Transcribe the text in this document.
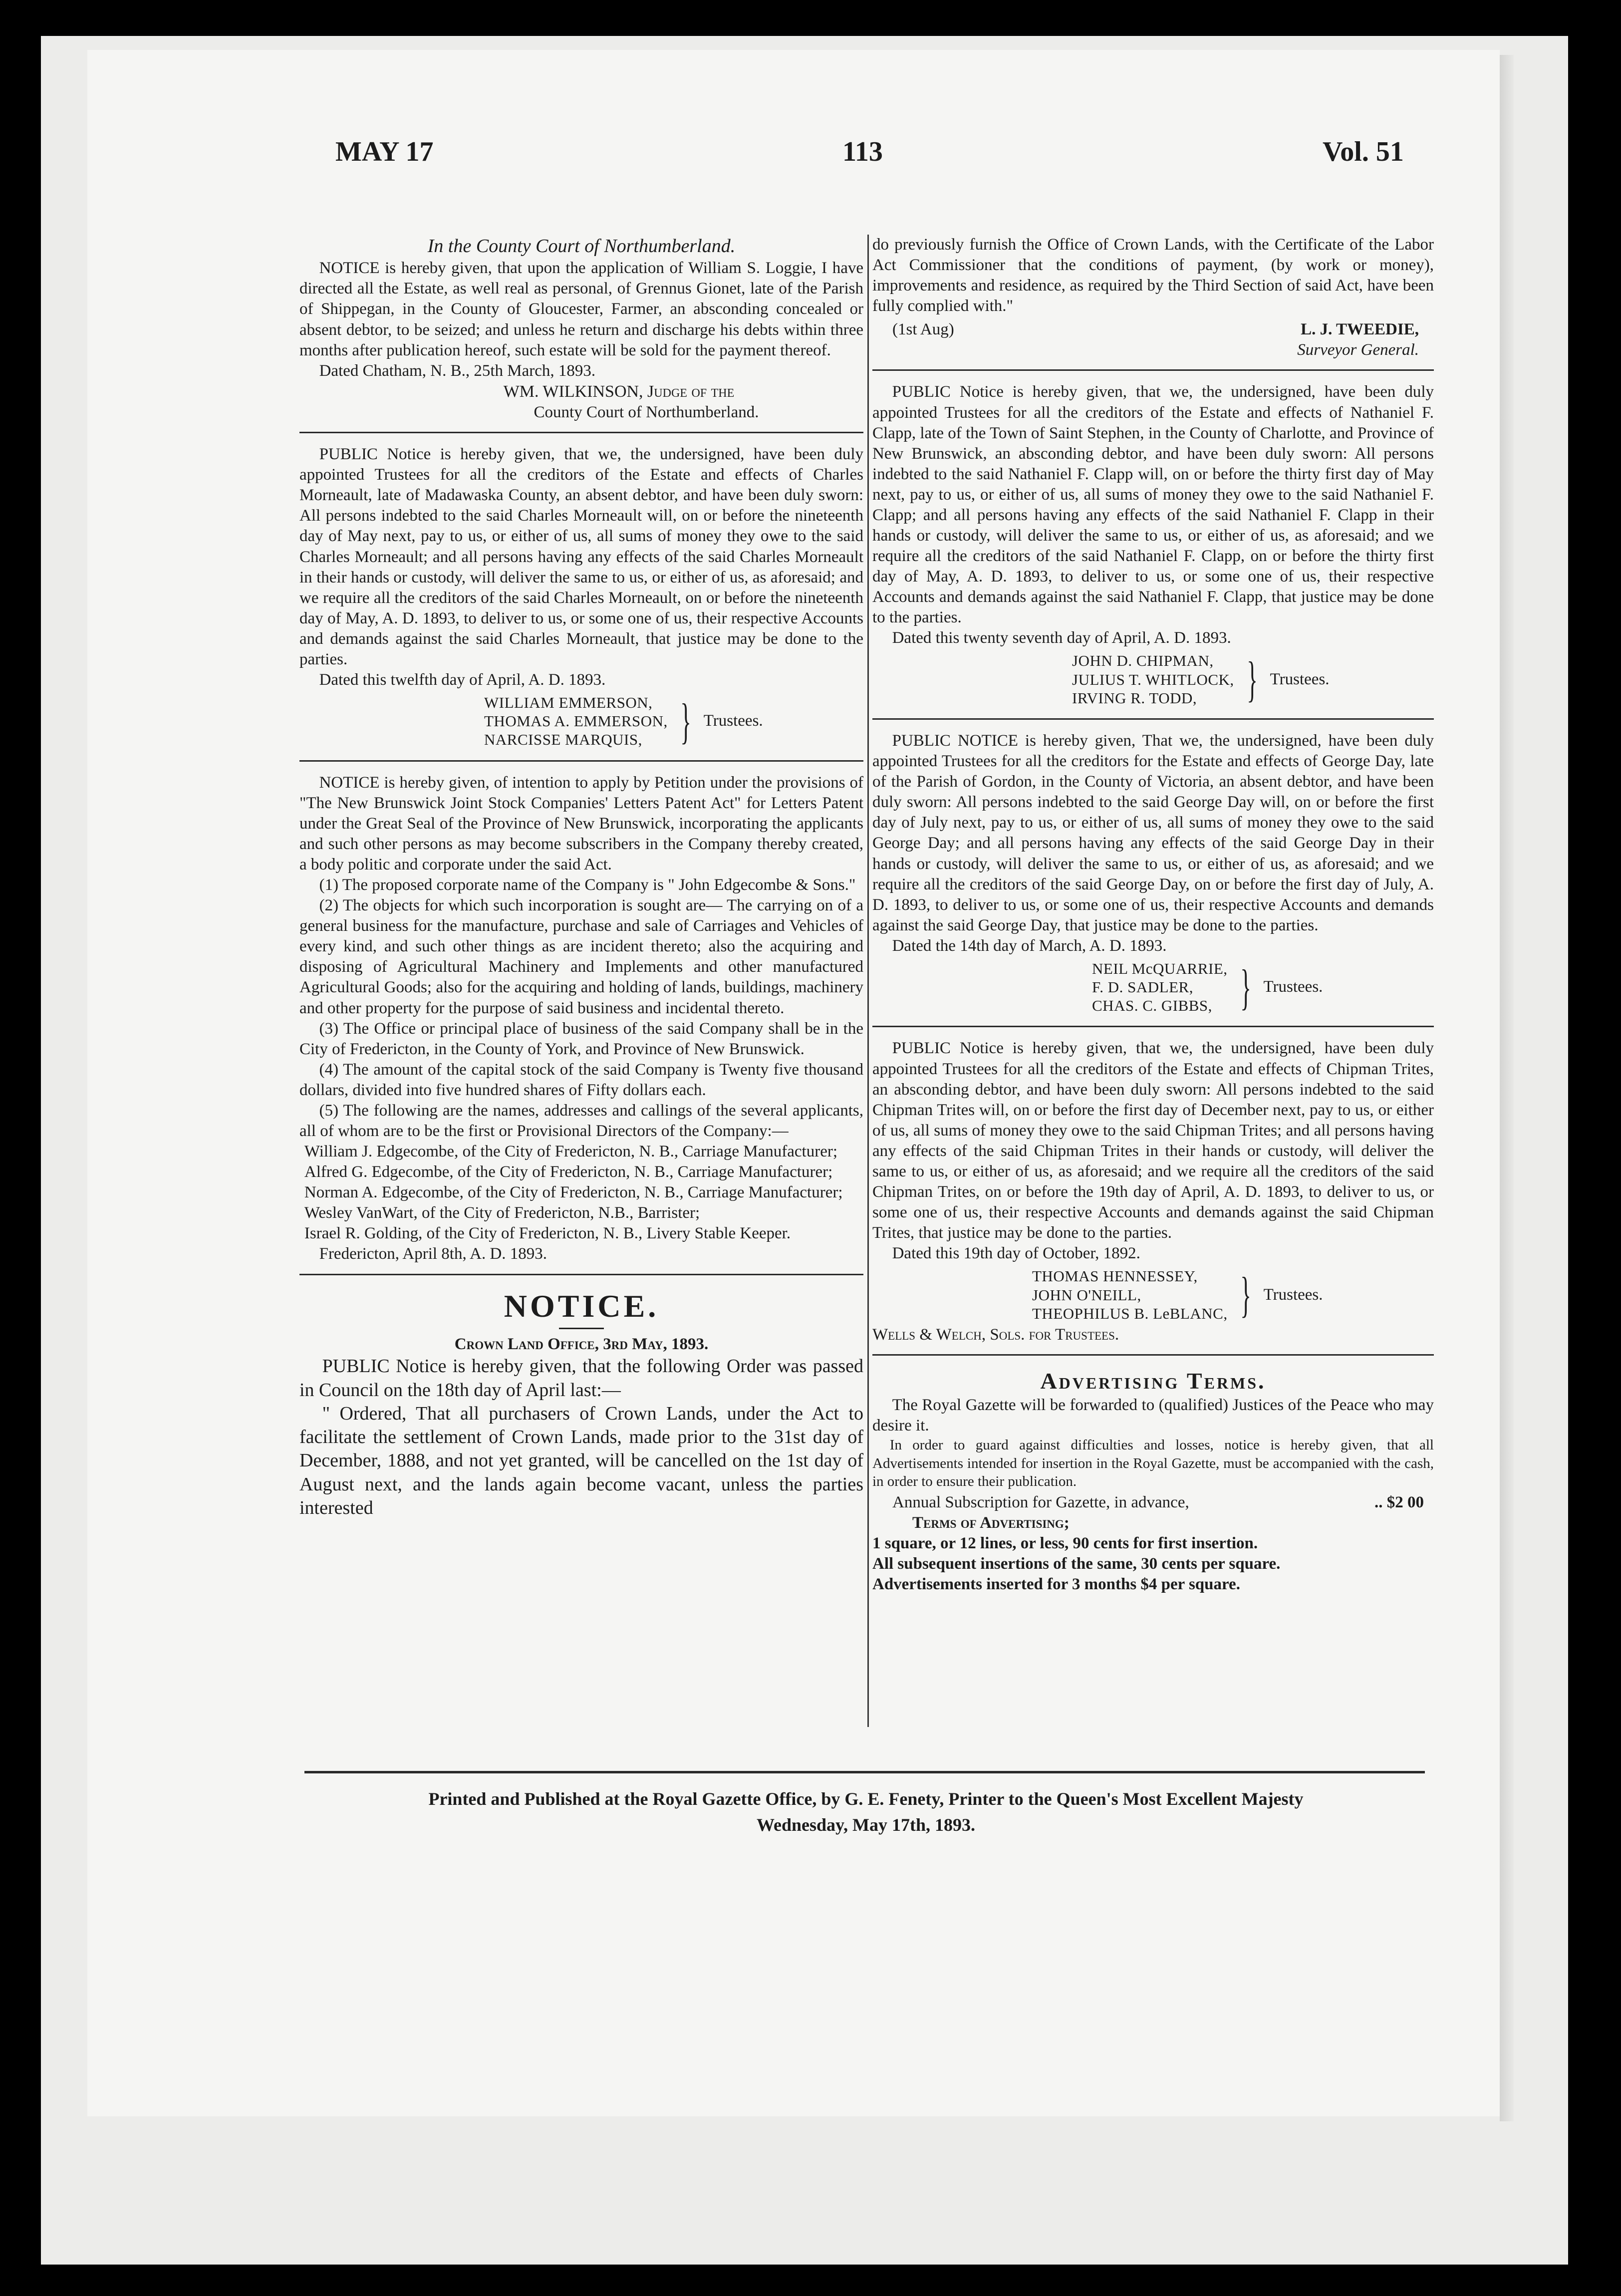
MAY 17	113	Vol. 51

In the County Court of Northumberland.

NOTICE is hereby given, that upon the application of William S. Loggie, I have directed all the Estate, as well real as personal, of Grennus Gionet, late of the Parish of Shippegan, in the County of Gloucester, Farmer, an absconding concealed or absent debtor, to be seized; and unless he return and discharge his debts within three months after publication hereof, such estate will be sold for the payment thereof.

Dated Chatham, N. B., 25th March, 1893.

WM. WILKINSON, Judge of the

County Court of Northumberland.

PUBLIC Notice is hereby given, that we, the undersigned, have been duly appointed Trustees for all the creditors of the Estate and effects of Charles Morneault, late of Madawaska County, an absent debtor, and have been duly sworn: All persons indebted to the said Charles Morneault will, on or before the nineteenth day of May next, pay to us, or either of us, all sums of money they owe to the said Charles Morneault; and all persons having any effects of the said Charles Morneault in their hands or custody, will deliver the same to us, or either of us, as aforesaid; and we require all the creditors of the said Charles Morneault, on or before the nineteenth day of May, A. D. 1893, to deliver to us, or some one of us, their respective Accounts and demands against the said Charles Morneault, that justice may be done to the parties.

Dated this twelfth day of April, A. D. 1893.

WILLIAM EMMERSON,
THOMAS A. EMMERSON,
NARCISSE MARQUIS, } Trustees.

NOTICE is hereby given, of intention to apply by Petition under the provisions of "The New Brunswick Joint Stock Companies' Letters Patent Act" for Letters Patent under the Great Seal of the Province of New Brunswick, incorporating the applicants and such other persons as may become subscribers in the Company thereby created, a body politic and corporate under the said Act.

(1) The proposed corporate name of the Company is " John Edgecombe & Sons."

(2) The objects for which such incorporation is sought are— The carrying on of a general business for the manufacture, purchase and sale of Carriages and Vehicles of every kind, and such other things as are incident thereto; also the acquiring and disposing of Agricultural Machinery and Implements and other manufactured Agricultural Goods; also for the acquiring and holding of lands, buildings, machinery and other property for the purpose of said business and incidental thereto.

(3) The Office or principal place of business of the said Company shall be in the City of Fredericton, in the County of York, and Province of New Brunswick.

(4) The amount of the capital stock of the said Company is Twenty five thousand dollars, divided into five hundred shares of Fifty dollars each.

(5) The following are the names, addresses and callings of the several applicants, all of whom are to be the first or Provisional Directors of the Company:—

William J. Edgecombe, of the City of Fredericton, N. B., Carriage Manufacturer;

Alfred G. Edgecombe, of the City of Fredericton, N. B., Carriage Manufacturer;

Norman A. Edgecombe, of the City of Fredericton, N. B., Carriage Manufacturer;

Wesley VanWart, of the City of Fredericton, N.B., Barrister;

Israel R. Golding, of the City of Fredericton, N. B., Livery Stable Keeper.

Fredericton, April 8th, A. D. 1893.

NOTICE.

Crown Land Office, 3rd May, 1893.

PUBLIC Notice is hereby given, that the following Order was passed in Council on the 18th day of April last:—

" Ordered, That all purchasers of Crown Lands, under the Act to facilitate the settlement of Crown Lands, made prior to the 31st day of December, 1888, and not yet granted, will be cancelled on the 1st day of August next, and the lands again become vacant, unless the parties interested

do previously furnish the Office of Crown Lands, with the Certificate of the Labor Act Commissioner that the conditions of payment, (by work or money), improvements and residence, as required by the Third Section of said Act, have been fully complied with."

(1st Aug)	L. J. TWEEDIE,

Surveyor General.

PUBLIC Notice is hereby given, that we, the undersigned, have been duly appointed Trustees for all the creditors of the Estate and effects of Nathaniel F. Clapp, late of the Town of Saint Stephen, in the County of Charlotte, and Province of New Brunswick, an absconding debtor, and have been duly sworn: All persons indebted to the said Nathaniel F. Clapp will, on or before the thirty first day of May next, pay to us, or either of us, all sums of money they owe to the said Nathaniel F. Clapp; and all persons having any effects of the said Nathaniel F. Clapp in their hands or custody, will deliver the same to us, or either of us, as aforesaid; and we require all the creditors of the said Nathaniel F. Clapp, on or before the thirty first day of May, A. D. 1893, to deliver to us, or some one of us, their respective Accounts and demands against the said Nathaniel F. Clapp, that justice may be done to the parties.

Dated this twenty seventh day of April, A. D. 1893.

JOHN D. CHIPMAN,
JULIUS T. WHITLOCK,
IRVING R. TODD, } Trustees.

PUBLIC NOTICE is hereby given, That we, the undersigned, have been duly appointed Trustees for all the creditors for the Estate and effects of George Day, late of the Parish of Gordon, in the County of Victoria, an absent debtor, and have been duly sworn: All persons indebted to the said George Day will, on or before the first day of July next, pay to us, or either of us, all sums of money they owe to the said George Day; and all persons having any effects of the said George Day in their hands or custody, will deliver the same to us, or either of us, as aforesaid; and we require all the creditors of the said George Day, on or before the first day of July, A. D. 1893, to deliver to us, or some one of us, their respective Accounts and demands against the said George Day, that justice may be done to the parties.

Dated the 14th day of March, A. D. 1893.

NEIL McQUARRIE,
F. D. SADLER,
CHAS. C. GIBBS, } Trustees.

PUBLIC Notice is hereby given, that we, the undersigned, have been duly appointed Trustees for all the creditors of the Estate and effects of Chipman Trites, an absconding debtor, and have been duly sworn: All persons indebted to the said Chipman Trites will, on or before the first day of December next, pay to us, or either of us, all sums of money they owe to the said Chipman Trites; and all persons having any effects of the said Chipman Trites in their hands or custody, will deliver the same to us, or either of us, as aforesaid; and we require all the creditors of the said Chipman Trites, on or before the 19th day of April, A. D. 1893, to deliver to us, or some one of us, their respective Accounts and demands against the said Chipman Trites, that justice may be done to the parties.

Dated this 19th day of October, 1892.

THOMAS HENNESSEY,
JOHN O'NEILL,
THEOPHILUS B. LeBLANC, } Trustees.

Wells & Welch, Sols. for Trustees.

Advertising Terms.

The Royal Gazette will be forwarded to (qualified) Justices of the Peace who may desire it.

In order to guard against difficulties and losses, notice is hereby given, that all Advertisements intended for insertion in the Royal Gazette, must be accompanied with the cash, in order to ensure their publication.

Annual Subscription for Gazette, in advance,	.. $2 00

Terms of Advertising;

1 square, or 12 lines, or less, 90 cents for first insertion.

All subsequent insertions of the same, 30 cents per square.

Advertisements inserted for 3 months $4 per square.

Printed and Published at the Royal Gazette Office, by G. E. Fenety, Printer to the Queen's Most Excellent Majesty
Wednesday, May 17th, 1893.
